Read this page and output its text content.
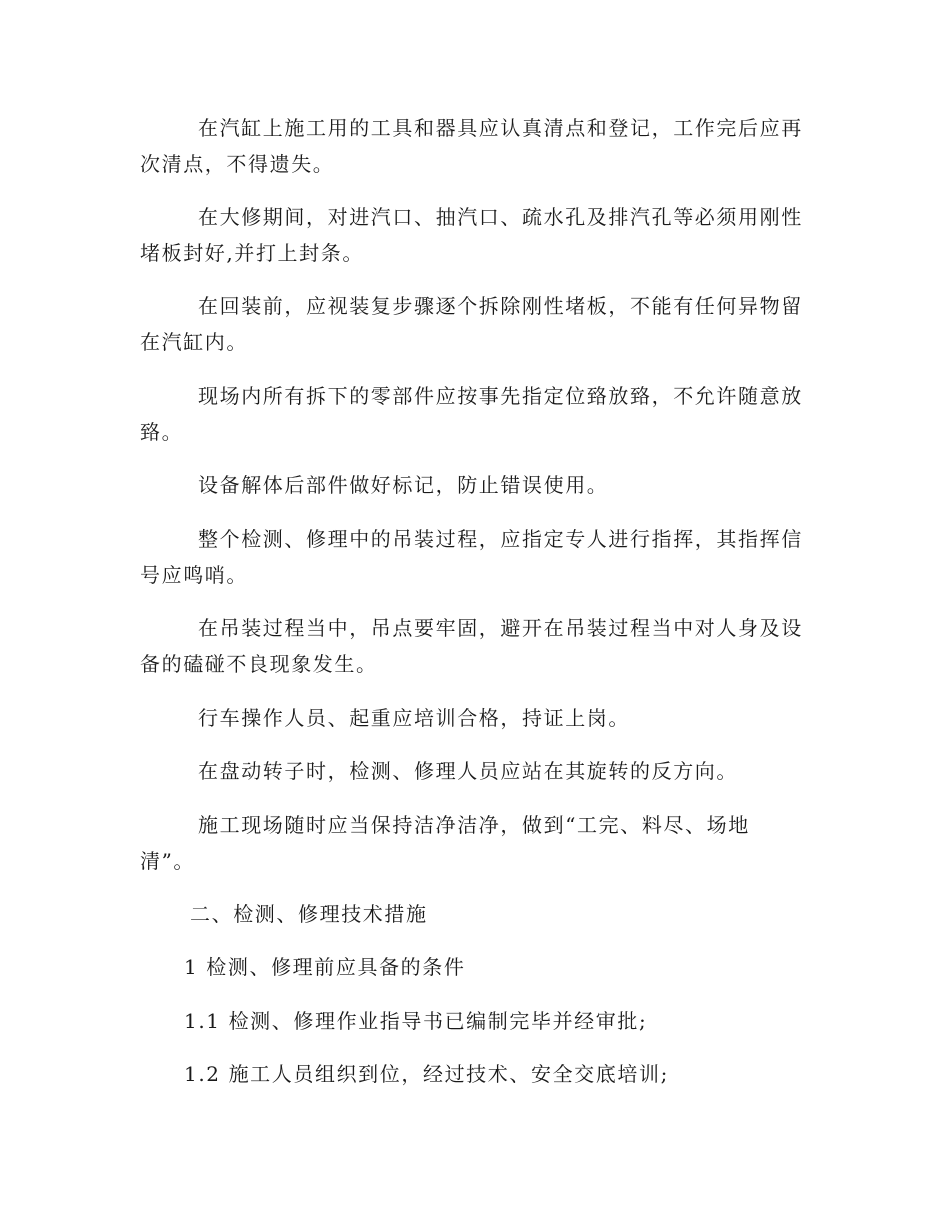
在汽缸上施工用的工具和器具应认真清点和登记，工作完后应再次清点，不得遗失。

在大修期间，对进汽口、抽汽口、疏水孔及排汽孔等必须用刚性堵板封好,并打上封条。

在回装前，应视装复步骤逐个拆除刚性堵板，不能有任何异物留在汽缸内。

现场内所有拆下的零部件应按事先指定位臵放臵，不允许随意放臵。

设备解体后部件做好标记，防止错误使用。

整个检测、修理中的吊装过程，应指定专人进行指挥，其指挥信号应鸣哨。

在吊装过程当中，吊点要牢固，避开在吊装过程当中对人身及设备的磕碰不良现象发生。

行车操作人员、起重应培训合格，持证上岗。

在盘动转子时，检测、修理人员应站在其旋转的反方向。

施工现场随时应当保持洁净洁净，做到“工完、料尽、场地清”。

二、检测、修理技术措施

1 检测、修理前应具备的条件

1.1 检测、修理作业指导书已编制完毕并经审批;

1.2 施工人员组织到位，经过技术、安全交底培训;
